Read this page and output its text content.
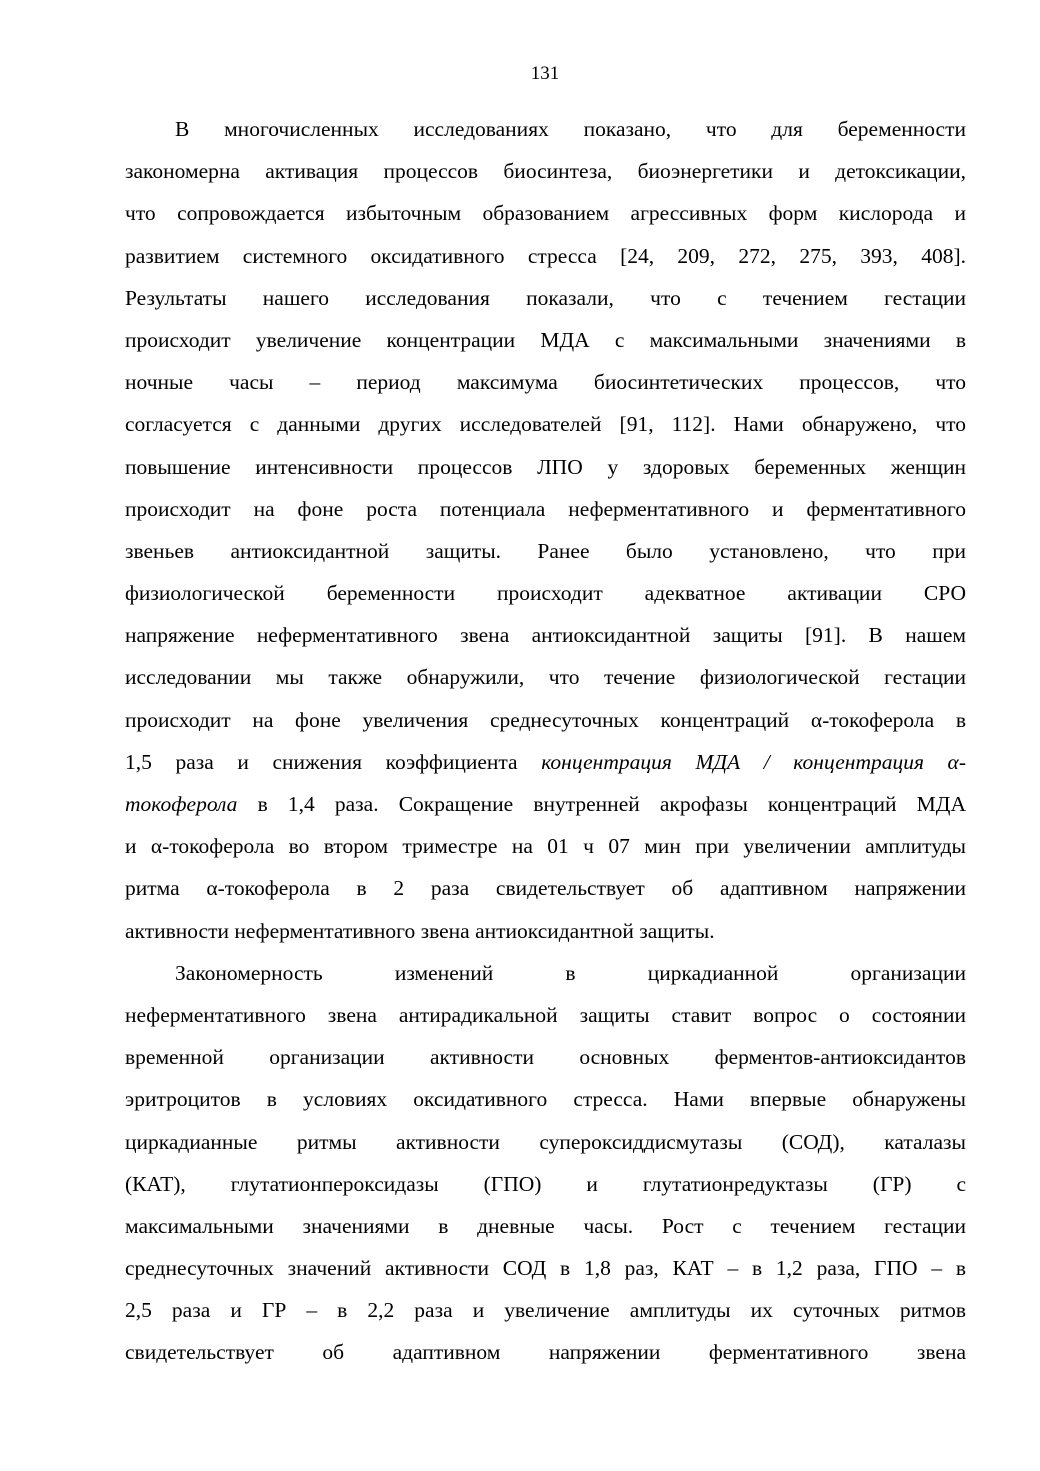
131
В многочисленных исследованиях показано, что для беременности
закономерна активация процессов биосинтеза, биоэнергетики и детоксикации,
что сопровождается избыточным образованием агрессивных форм кислорода и
развитием системного оксидативного стресса [24, 209, 272, 275, 393, 408].
Результаты нашего исследования показали, что с течением гестации
происходит увеличение концентрации МДА с максимальными значениями в
ночные часы – период максимума биосинтетических процессов, что
согласуется с данными других исследователей [91, 112]. Нами обнаружено, что
повышение интенсивности процессов ЛПО у здоровых беременных женщин
происходит на фоне роста потенциала неферментативного и ферментативного
звеньев антиоксидантной защиты. Ранее было установлено, что при
физиологической беременности происходит адекватное активации СРО
напряжение неферментативного звена антиоксидантной защиты [91]. В нашем
исследовании мы также обнаружили, что течение физиологической гестации
происходит на фоне увеличения среднесуточных концентраций α-токоферола в
1,5 раза и снижения коэффициента концентрация МДА / концентрация α-
токоферола в 1,4 раза. Сокращение внутренней акрофазы концентраций МДА
и α-токоферола во втором триместре на 01 ч 07 мин при увеличении амплитуды
ритма α-токоферола в 2 раза свидетельствует об адаптивном напряжении
активности неферментативного звена антиоксидантной защиты.
Закономерность изменений в циркадианной организации
неферментативного звена антирадикальной защиты ставит вопрос о состоянии
временной организации активности основных ферментов-антиоксидантов
эритроцитов в условиях оксидативного стресса. Нами впервые обнаружены
циркадианные ритмы активности супероксиддисмутазы (СОД), каталазы
(КАТ), глутатионпероксидазы (ГПО) и глутатионредуктазы (ГР) с
максимальными значениями в дневные часы. Рост с течением гестации
среднесуточных значений активности СОД в 1,8 раз, КАТ – в 1,2 раза, ГПО – в
2,5 раза и ГР – в 2,2 раза и увеличение амплитуды их суточных ритмов
свидетельствует об адаптивном напряжении ферментативного звена
